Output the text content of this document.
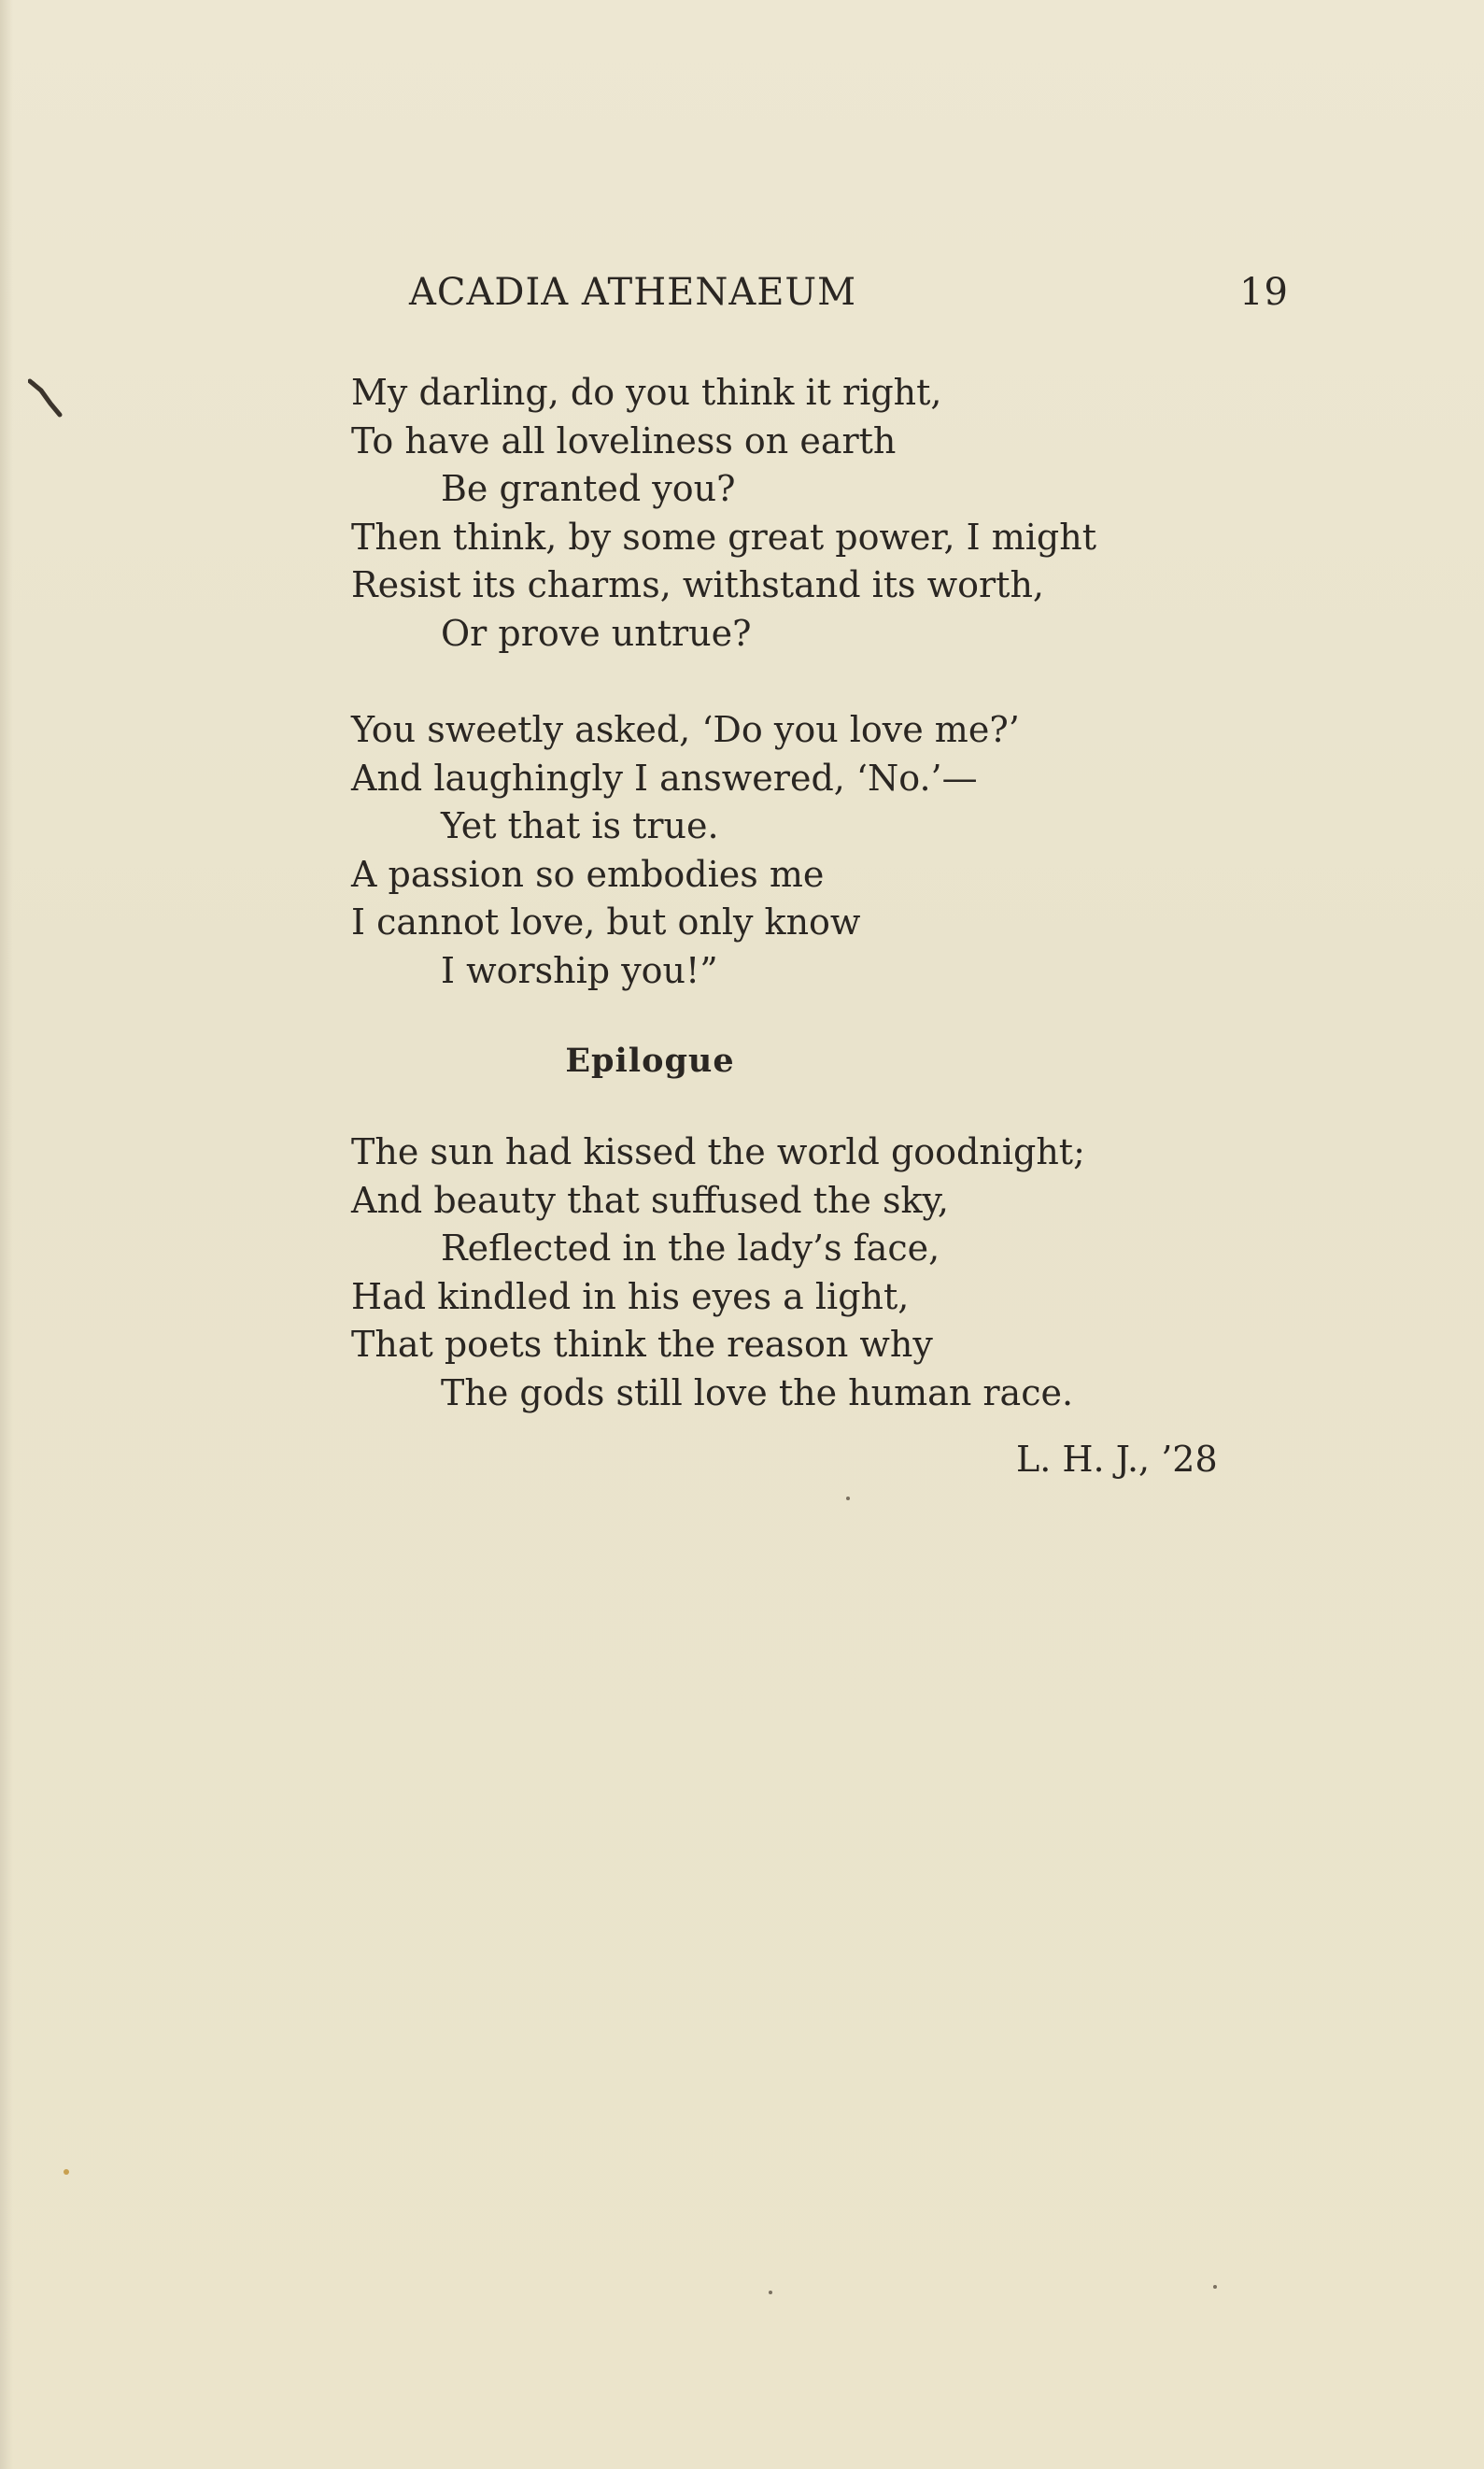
ACADIA ATHENAEUM	19
My darling, do you think it right,
To have all loveliness on earth
Be granted you?
Then think, by some great power, I might
Resist its charms, withstand its worth,
Or prove untrue?
You sweetly asked, ‘Do you love me?’
And laughingly I answered, ‘No.’—
Yet that is true.
A passion so embodies me
I cannot love, but only know
I worship you!”
Epilogue
The sun had kissed the world goodnight;
And beauty that suffused the sky,
Reflected in the lady’s face,
Had kindled in his eyes a light,
That poets think the reason why
The gods still love the human race.
L. H. J., ’28
